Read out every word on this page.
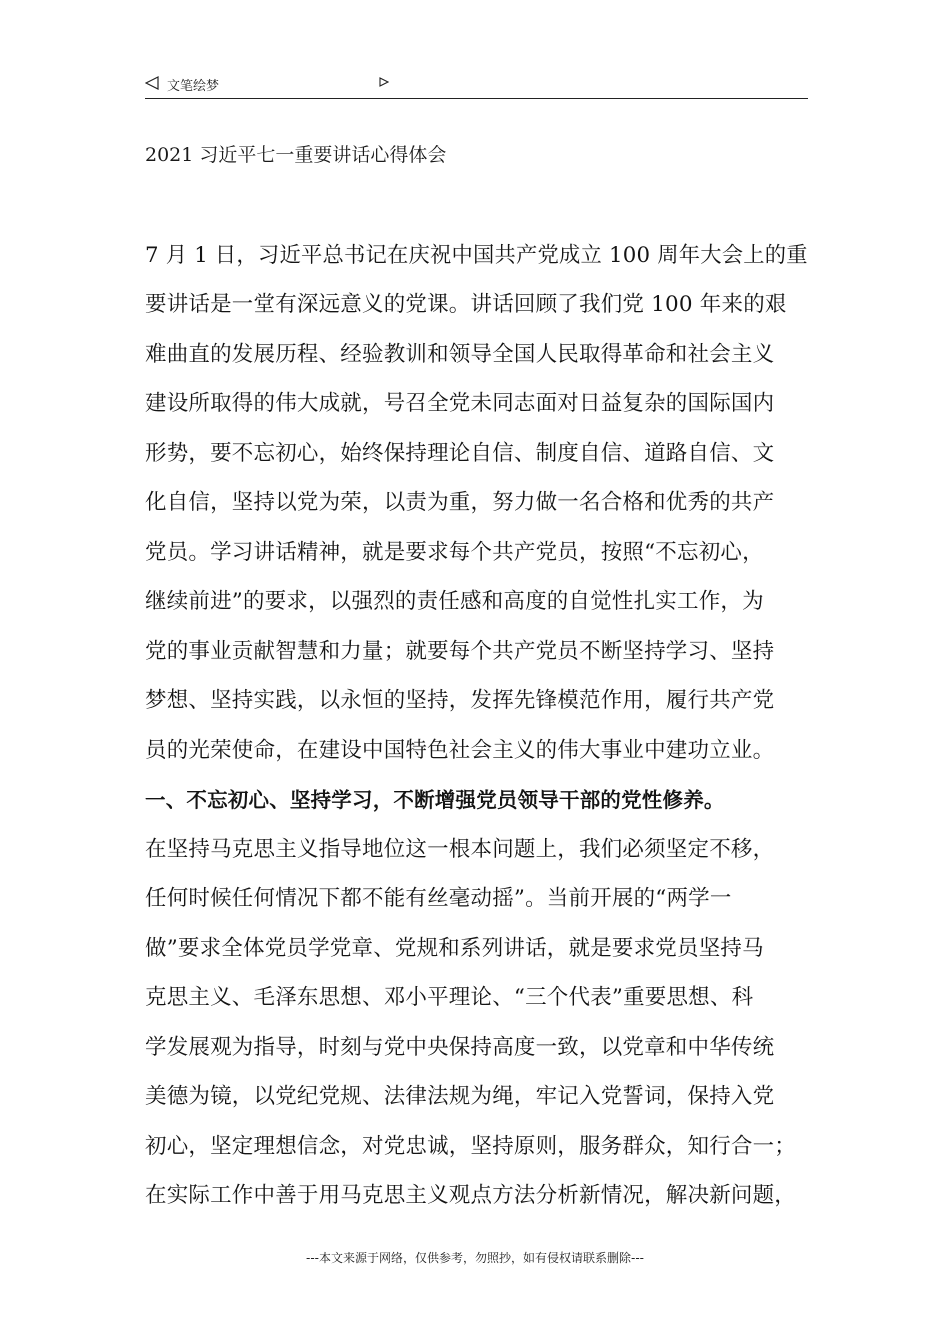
文笔绘梦
2021 习近平七一重要讲话心得体会
7 月 1 日，习近平总书记在庆祝中国共产党成立 100 周年大会上的重
要讲话是一堂有深远意义的党课。讲话回顾了我们党 100 年来的艰
难曲直的发展历程、经验教训和领导全国人民取得革命和社会主义
建设所取得的伟大成就，号召全党未同志面对日益复杂的国际国内
形势，要不忘初心，始终保持理论自信、制度自信、道路自信、文
化自信，坚持以党为荣，以责为重，努力做一名合格和优秀的共产
党员。学习讲话精神，就是要求每个共产党员，按照“不忘初心，
继续前进”的要求，以强烈的责任感和高度的自觉性扎实工作，为
党的事业贡献智慧和力量；就要每个共产党员不断坚持学习、坚持
梦想、坚持实践，以永恒的坚持，发挥先锋模范作用，履行共产党
员的光荣使命，在建设中国特色社会主义的伟大事业中建功立业。
一、不忘初心、坚持学习，不断增强党员领导干部的党性修养。
在坚持马克思主义指导地位这一根本问题上，我们必须坚定不移，
任何时候任何情况下都不能有丝毫动摇”。当前开展的“两学一
做”要求全体党员学党章、党规和系列讲话，就是要求党员坚持马
克思主义、毛泽东思想、邓小平理论、“三个代表”重要思想、科
学发展观为指导，时刻与党中央保持高度一致，以党章和中华传统
美德为镜，以党纪党规、法律法规为绳，牢记入党誓词，保持入党
初心，坚定理想信念，对党忠诚，坚持原则，服务群众，知行合一；
在实际工作中善于用马克思主义观点方法分析新情况，解决新问题，
---本文来源于网络，仅供参考，勿照抄，如有侵权请联系删除---
